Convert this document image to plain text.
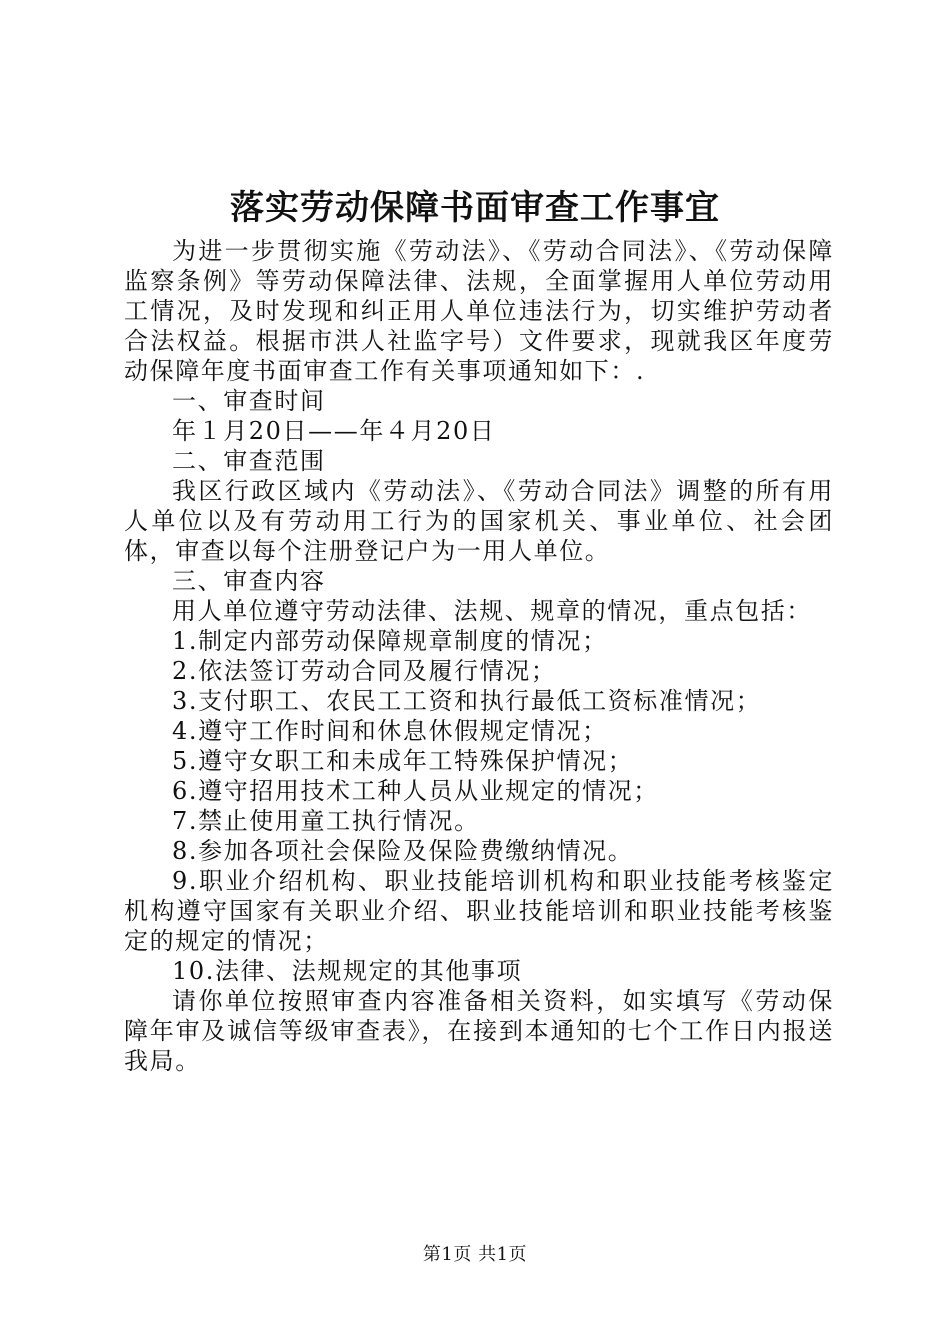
落实劳动保障书面审查工作事宜

为进一步贯彻实施《劳动法》、《劳动合同法》、《劳动保障监察条例》等劳动保障法律、法规，全面掌握用人单位劳动用工情况，及时发现和纠正用人单位违法行为，切实维护劳动者合法权益。根据市洪人社监字号）文件要求，现就我区年度劳动保障年度书面审查工作有关事项通知如下：.

一、审查时间

年１月20日——年４月20日

二、审查范围

我区行政区域内《劳动法》、《劳动合同法》调整的所有用人单位以及有劳动用工行为的国家机关、事业单位、社会团体，审查以每个注册登记户为一用人单位。

三、审查内容

用人单位遵守劳动法律、法规、规章的情况，重点包括：

1.制定内部劳动保障规章制度的情况；

2.依法签订劳动合同及履行情况；

3.支付职工、农民工工资和执行最低工资标准情况；

4.遵守工作时间和休息休假规定情况；

5.遵守女职工和未成年工特殊保护情况；

6.遵守招用技术工种人员从业规定的情况；

7.禁止使用童工执行情况。

8.参加各项社会保险及保险费缴纳情况。

9.职业介绍机构、职业技能培训机构和职业技能考核鉴定机构遵守国家有关职业介绍、职业技能培训和职业技能考核鉴定的规定的情况；

10.法律、法规规定的其他事项

请你单位按照审查内容准备相关资料，如实填写《劳动保障年审及诚信等级审查表》，在接到本通知的七个工作日内报送我局。

第1页 共1页
